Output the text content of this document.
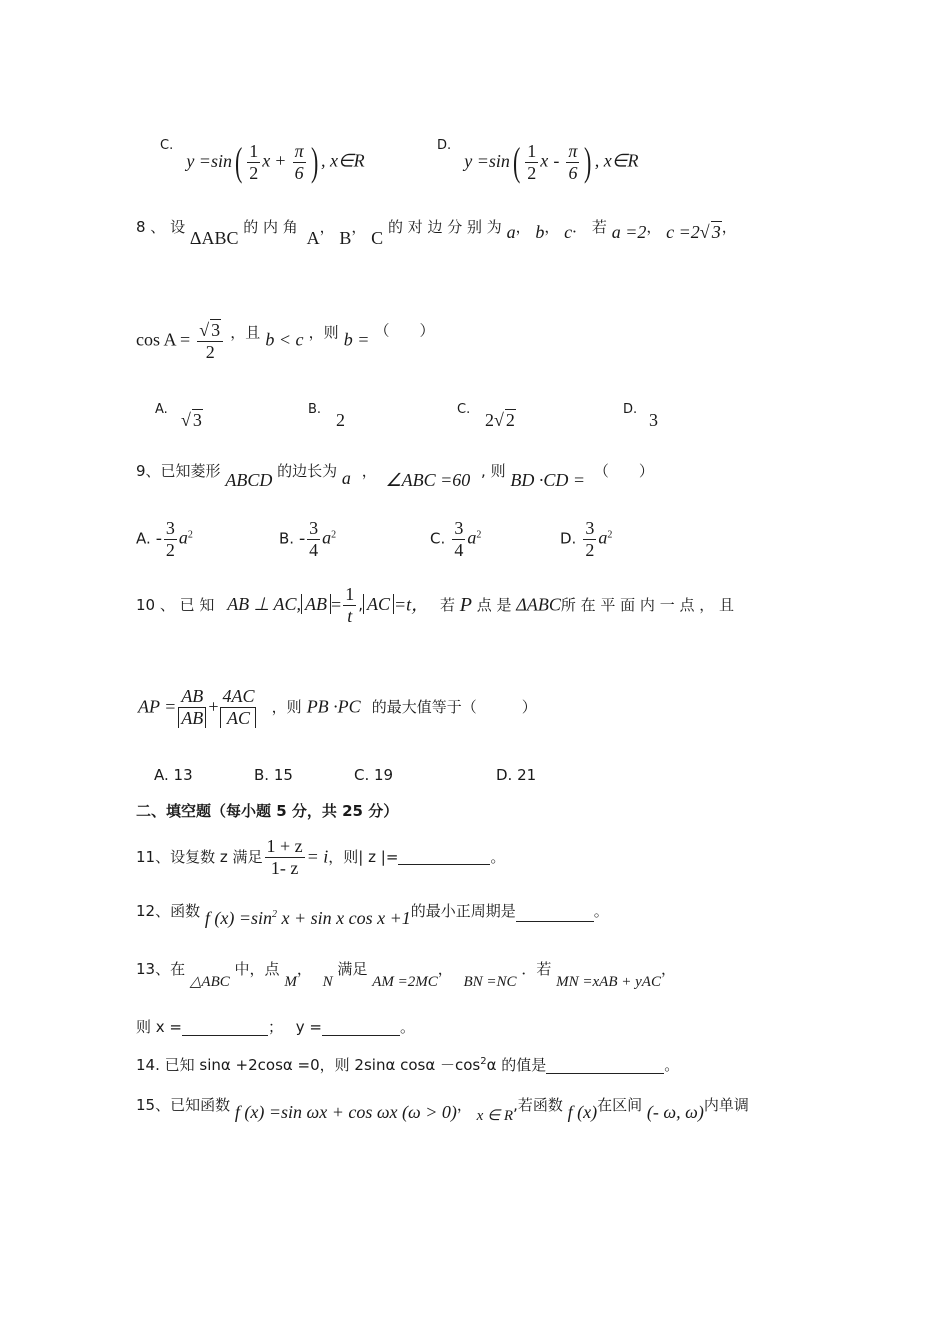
$^{C.}$ $y =\sin( \frac{1}{2}$ $x + \frac{\pi}{6}$ ) , x∈R
$^{D.}$ $y =\sin( \frac{1}{2}$ x - $\frac{\pi}{6}$ ) , x∈R
8 、 设 ΔABC 的 内 角 A， B， C 的 对 边 分 别 为 a， b， c． 若 a =2， c =2√ 3，
$\cos A = \frac{√ 3}{2}$ ，且 b < c ，则 b = （　　）
A.
√ 3
B.
2
C.
2√ 2
D.
3
9、已知菱形 ABCD 的边长为 a ， ∠ABC =60 , 则 BD ·CD = （　　）
A. - $\frac{3}{2} a^2$	B. - $\frac{3}{4} a^2$	C. $\frac{3}{4} a^2$	D. $\frac{3}{2} a^2$
10 、 已 知 AB ⊥ AC, AB = $\frac{1}{t}$ , AC =t， 若 P 点 是 ΔABC所 在 平 面 内 一 点 ， 且
AP = $\frac{AB}{AB} + \frac{4AC}{AC}$ ，则 PB ·PC 的最大值等于（　　　）
A. 13	B. 15	C. 19	D. 21
二、填空题（每小题 5 分，共 25 分）
11、设复数 z 满足 $\frac{1 + z}{1- z} = i$，则| z |=	。
12、函数 f $(x) =\sin^2$ x + sin x cos x +1的最小正周期是	。
13、在 △ABC 中，点 M， N 满足 AM =2MC， BN =NC ．若 MN =xAB + yAC，
则 x =	； y =	。
14. 已知 sinα +2cosα =0，则 2sinα $\cos\alpha -\cos^2\alpha$ 的值是	。
15、已知函数 f (x) =sin ωx + cos ωx (ω > 0)， x ∈ R,若函数 f (x)在区间 (- ω, ω)内单调
